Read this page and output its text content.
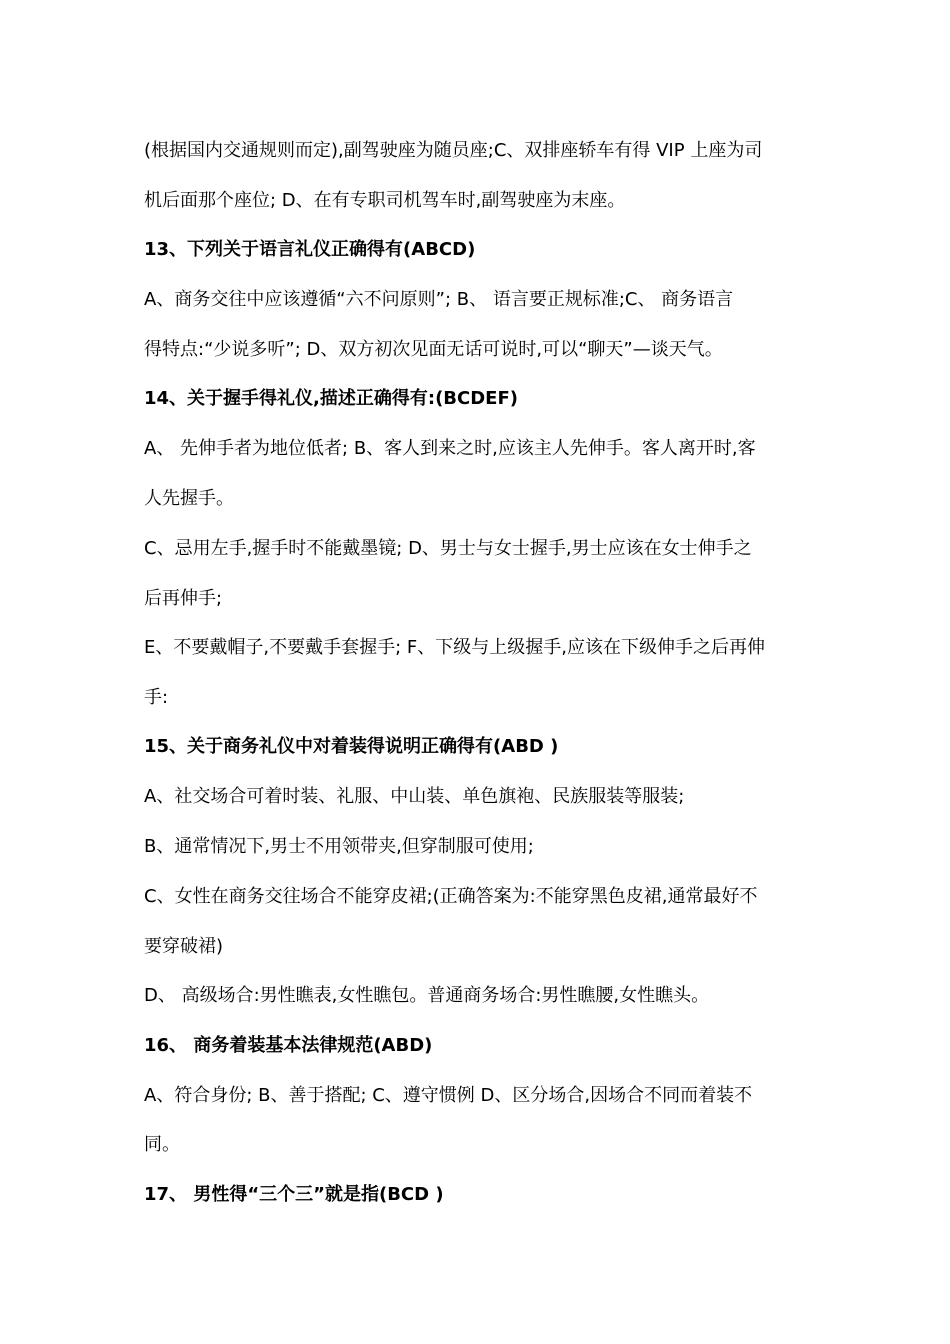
(根据国内交通规则而定),副驾驶座为随员座;C、双排座轿车有得 VIP 上座为司
机后面那个座位; D、在有专职司机驾车时,副驾驶座为末座。
13、下列关于语言礼仪正确得有(ABCD)
A、商务交往中应该遵循“六不问原则”; B、 语言要正规标准;C、 商务语言
得特点:“少说多听”; D、双方初次见面无话可说时,可以“聊天”—谈天气。
14、关于握手得礼仪,描述正确得有:(BCDEF)
A、 先伸手者为地位低者; B、客人到来之时,应该主人先伸手。客人离开时,客
人先握手。
C、忌用左手,握手时不能戴墨镜; D、男士与女士握手,男士应该在女士伸手之
后再伸手;
E、不要戴帽子,不要戴手套握手; F、下级与上级握手,应该在下级伸手之后再伸
手:
15、关于商务礼仪中对着装得说明正确得有(ABD )
A、社交场合可着时装、礼服、中山装、单色旗袍、民族服装等服装;
B、通常情况下,男士不用领带夹,但穿制服可使用;
C、女性在商务交往场合不能穿皮裙;(正确答案为:不能穿黑色皮裙,通常最好不
要穿破裙)
D、 高级场合:男性瞧表,女性瞧包。普通商务场合:男性瞧腰,女性瞧头。
16、 商务着装基本法律规范(ABD)
A、符合身份; B、善于搭配; C、遵守惯例 D、区分场合,因场合不同而着装不
同。
17、 男性得“三个三”就是指(BCD )
